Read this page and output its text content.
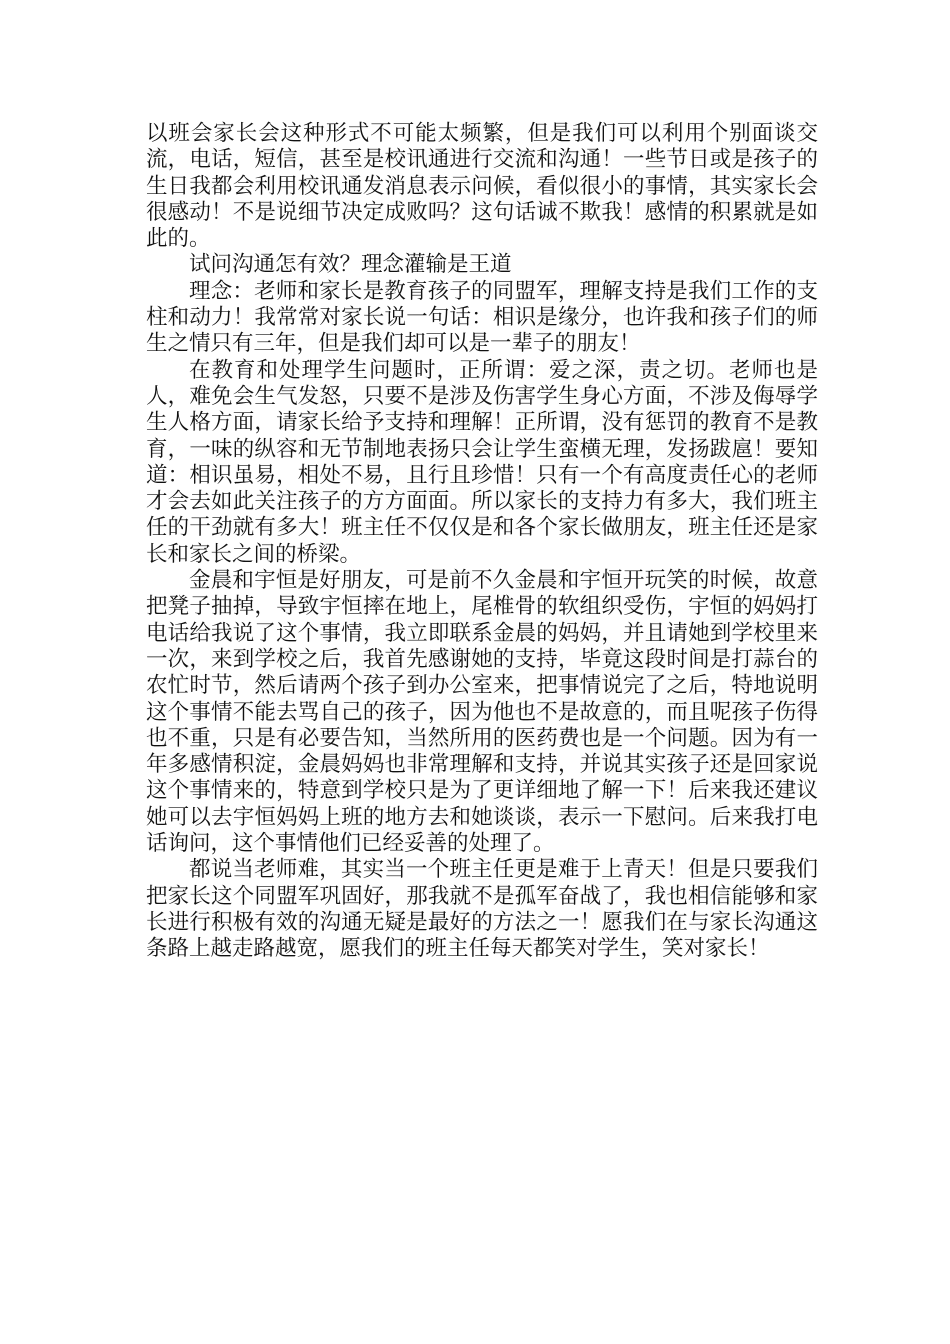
以班会家长会这种形式不可能太频繁，但是我们可以利用个别面谈交流，电话，短信，甚至是校讯通进行交流和沟通！一些节日或是孩子的生日我都会利用校讯通发消息表示问候，看似很小的事情，其实家长会很感动！不是说细节决定成败吗？这句话诚不欺我！感情的积累就是如此的。

试问沟通怎有效？理念灌输是王道

理念：老师和家长是教育孩子的同盟军，理解支持是我们工作的支柱和动力！我常常对家长说一句话：相识是缘分，也许我和孩子们的师生之情只有三年，但是我们却可以是一辈子的朋友！

在教育和处理学生问题时，正所谓：爱之深，责之切。老师也是人，难免会生气发怒，只要不是涉及伤害学生身心方面，不涉及侮辱学生人格方面，请家长给予支持和理解！正所谓，没有惩罚的教育不是教育，一味的纵容和无节制地表扬只会让学生蛮横无理，发扬跋扈！要知道：相识虽易，相处不易，且行且珍惜！只有一个有高度责任心的老师才会去如此关注孩子的方方面面。所以家长的支持力有多大，我们班主任的干劲就有多大！班主任不仅仅是和各个家长做朋友，班主任还是家长和家长之间的桥梁。

金晨和宇恒是好朋友，可是前不久金晨和宇恒开玩笑的时候，故意把凳子抽掉，导致宇恒摔在地上，尾椎骨的软组织受伤，宇恒的妈妈打电话给我说了这个事情，我立即联系金晨的妈妈，并且请她到学校里来一次，来到学校之后，我首先感谢她的支持，毕竟这段时间是打蒜台的农忙时节，然后请两个孩子到办公室来，把事情说完了之后，特地说明这个事情不能去骂自己的孩子，因为他也不是故意的，而且呢孩子伤得也不重，只是有必要告知，当然所用的医药费也是一个问题。因为有一年多感情积淀，金晨妈妈也非常理解和支持，并说其实孩子还是回家说这个事情来的，特意到学校只是为了更详细地了解一下！后来我还建议她可以去宇恒妈妈上班的地方去和她谈谈，表示一下慰问。后来我打电话询问，这个事情他们已经妥善的处理了。

都说当老师难，其实当一个班主任更是难于上青天！但是只要我们把家长这个同盟军巩固好，那我就不是孤军奋战了，我也相信能够和家长进行积极有效的沟通无疑是最好的方法之一！愿我们在与家长沟通这条路上越走路越宽，愿我们的班主任每天都笑对学生，笑对家长！
